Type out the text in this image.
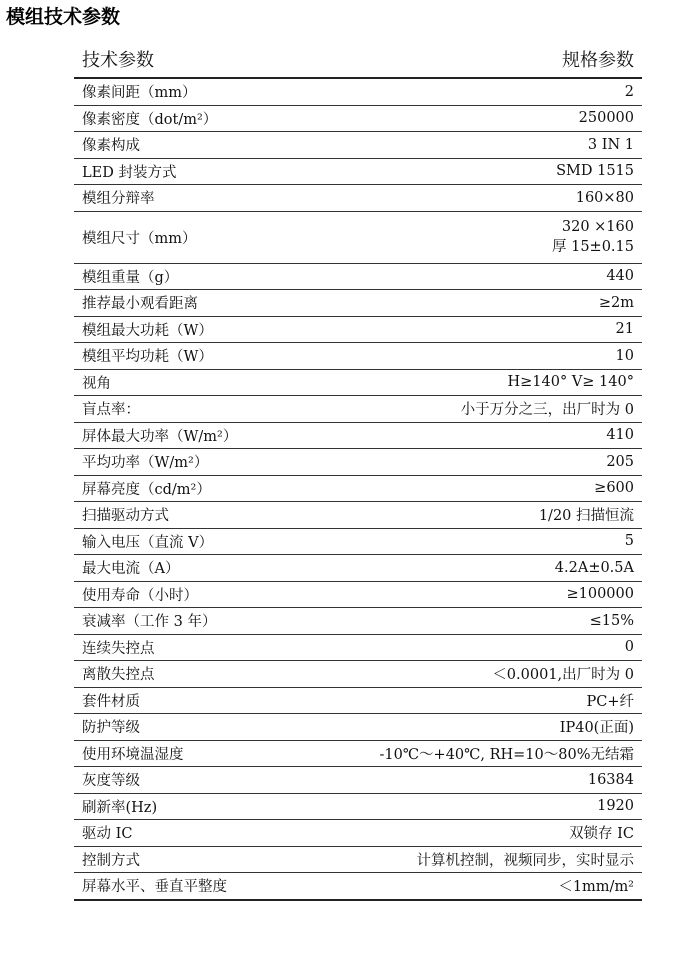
模组技术参数
技术参数	规格参数
像素间距（mm）	2
像素密度（dot/m²）	250000
像素构成	3 IN 1
LED 封装方式	SMD 1515
模组分辩率	160×80
模组尺寸（mm）	320 ×160
厚 15±0.15

模组重量（g）	440
推荐最小观看距离	≥2m
模组最大功耗（W）	21
模组平均功耗（W）	10
视角	H≥140° V≥ 140°
盲点率：	小于万分之三，出厂时为 0
屏体最大功率（W/m²）	410
平均功率（W/m²）	205
屏幕亮度（cd/m²）	≥600
扫描驱动方式	1/20 扫描恒流
输入电压（直流 V）	5
最大电流（A）	4.2A±0.5A
使用寿命（小时）	≥100000
衰减率（工作 3 年）	≤15%
连续失控点	0
离散失控点	＜0.0001,出厂时为 0
套件材质	PC+纤
防护等级	IP40(正面)
使用环境温湿度	-10℃～+40℃, RH=10～80%无结霜
灰度等级	16384
刷新率(Hz)	1920
驱动 IC	双锁存 IC
控制方式	计算机控制，视频同步，实时显示
屏幕水平、垂直平整度	＜1mm/m²
